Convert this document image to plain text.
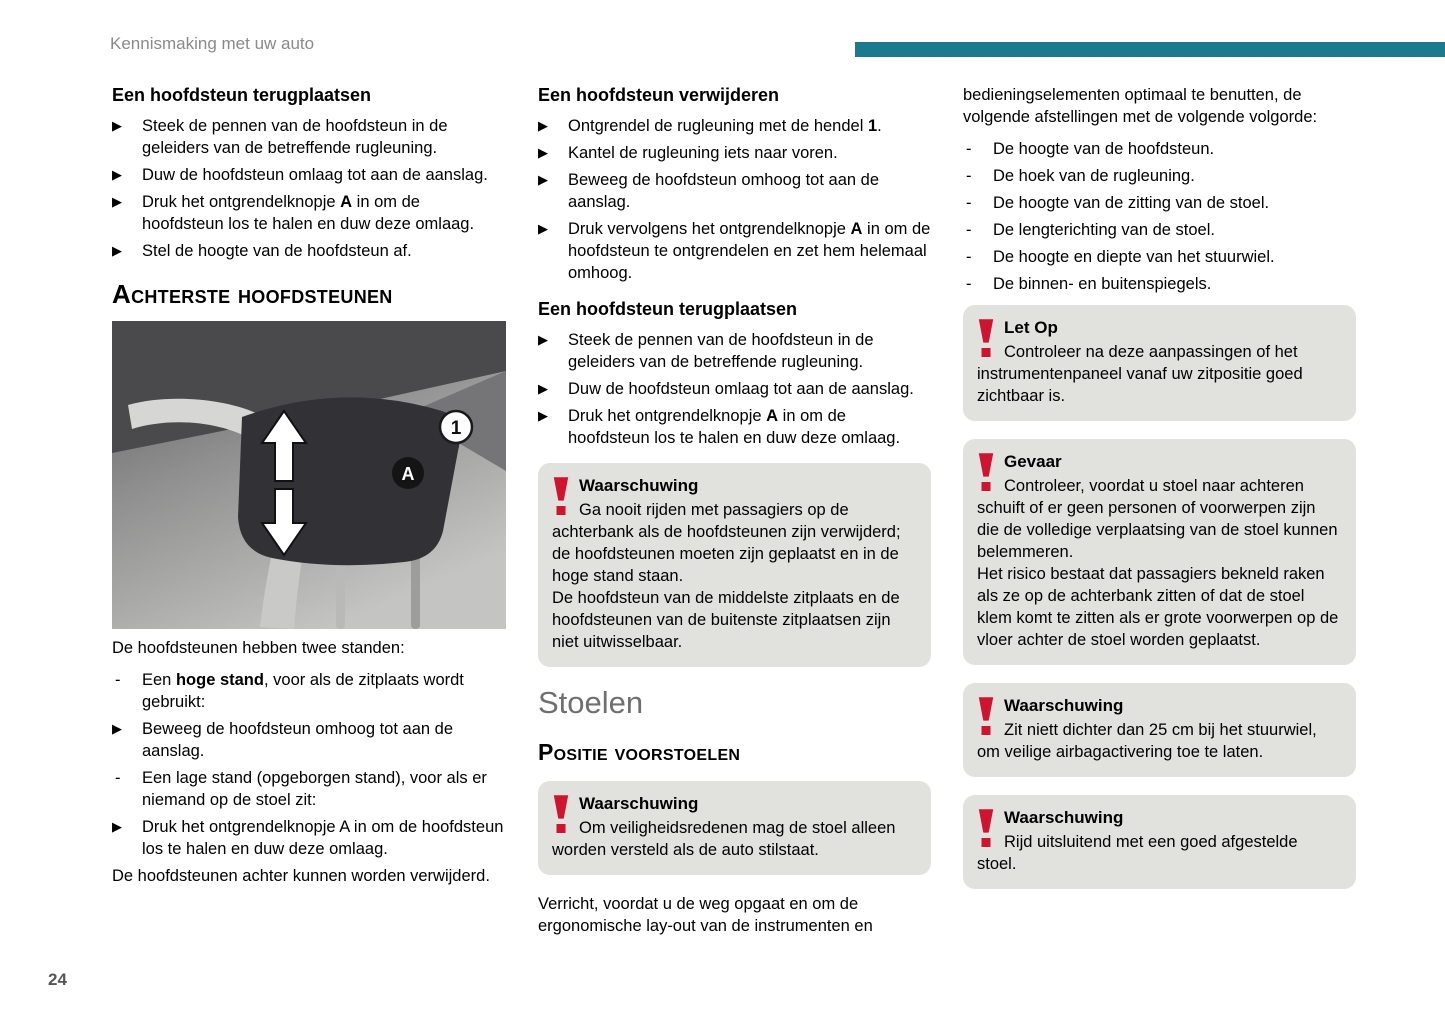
Kennismaking met uw auto
Een hoofdsteun terugplaatsen
▶	Steek de pennen van de hoofdsteun in de geleiders van de betreffende rugleuning.
▶	Duw de hoofdsteun omlaag tot aan de aanslag.
▶	Druk het ontgrendelknopje A in om de hoofdsteun los te halen en duw deze omlaag.
▶	Stel de hoogte van de hoofdsteun af.
Achterste hoofdsteunen
1
A

De hoofdsteunen hebben twee standen:

-	Een hoge stand, voor als de zitplaats wordt gebruikt:
▶	Beweeg de hoofdsteun omhoog tot aan de aanslag.
-	Een lage stand (opgeborgen stand), voor als er niemand op de stoel zit:
▶	Druk het ontgrendelknopje A in om de hoofdsteun los te halen en duw deze omlaag.

De hoofdsteunen achter kunnen worden verwijderd.

Een hoofdsteun verwijderen
▶	Ontgrendel de rugleuning met de hendel 1.
▶	Kantel de rugleuning iets naar voren.
▶	Beweeg de hoofdsteun omhoog tot aan de aanslag.
▶	Druk vervolgens het ontgrendelknopje A in om de hoofdsteun te ontgrendelen en zet hem helemaal omhoog.
Een hoofdsteun terugplaatsen
▶	Steek de pennen van de hoofdsteun in de geleiders van de betreffende rugleuning.
▶	Duw de hoofdsteun omlaag tot aan de aanslag.
▶	Druk het ontgrendelknopje A in om de hoofdsteun los te halen en duw deze omlaag.
Waarschuwing

Ga nooit rijden met passagiers op de achterbank als de hoofdsteunen zijn verwijderd; de hoofdsteunen moeten zijn geplaatst en in de hoge stand staan.

De hoofdsteun van de middelste zitplaats en de hoofdsteunen van de buitenste zitplaatsen zijn niet uitwisselbaar.

Stoelen
Positie voorstoelen
Waarschuwing

Om veiligheidsredenen mag de stoel alleen worden versteld als de auto stilstaat.

Verricht, voordat u de weg opgaat en om de ergonomische lay-out van de instrumenten en

bedieningselementen optimaal te benutten, de volgende afstellingen met de volgende volgorde:

-	De hoogte van de hoofdsteun.
-	De hoek van de rugleuning.
-	De hoogte van de zitting van de stoel.
-	De lengterichting van de stoel.
-	De hoogte en diepte van het stuurwiel.
-	De binnen- en buitenspiegels.
Let Op

Controleer na deze aanpassingen of het instrumentenpaneel vanaf uw zitpositie goed zichtbaar is.

Gevaar

Controleer, voordat u stoel naar achteren schuift of er geen personen of voorwerpen zijn die de volledige verplaatsing van de stoel kunnen belemmeren.

Het risico bestaat dat passagiers bekneld raken als ze op de achterbank zitten of dat de stoel klem komt te zitten als er grote voorwerpen op de vloer achter de stoel worden geplaatst.

Waarschuwing

Zit niett dichter dan 25 cm bij het stuurwiel, om veilige airbagactivering toe te laten.

Waarschuwing

Rijd uitsluitend met een goed afgestelde stoel.

24
